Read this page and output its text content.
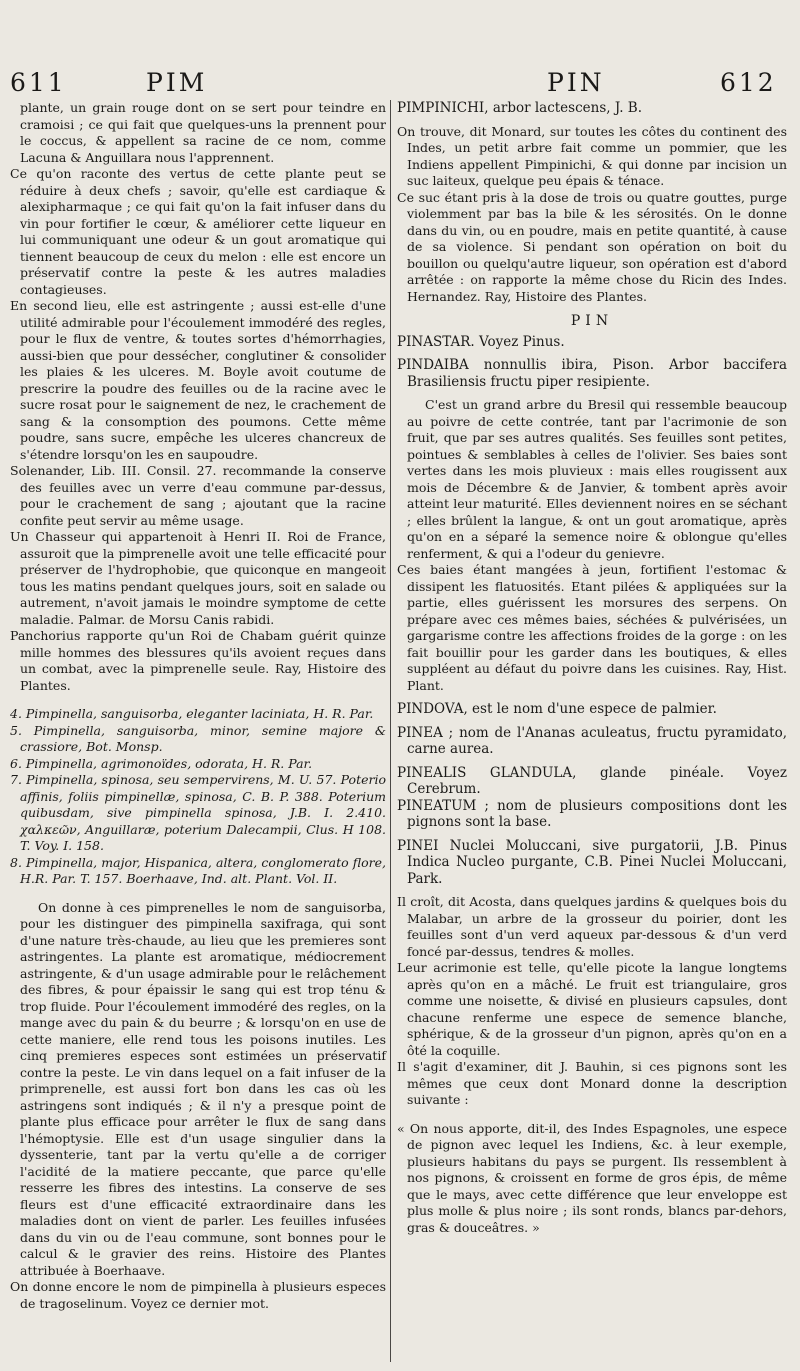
611	PIM	PIN	612

plante, un grain rouge dont on se sert pour teindre en cramoisi ; ce qui fait que quelques-uns la prennent pour le coccus, & appellent sa racine de ce nom, comme Lacuna & Anguillara nous l'apprennent.

Ce qu'on raconte des vertus de cette plante peut se réduire à deux chefs ; savoir, qu'elle est cardiaque & alexipharmaque ; ce qui fait qu'on la fait infuser dans du vin pour fortifier le cœur, & améliorer cette liqueur en lui communiquant une odeur & un gout aromatique qui tiennent beaucoup de ceux du melon : elle est encore un préservatif contre la peste & les autres maladies contagieuses.

En second lieu, elle est astringente ; aussi est-elle d'une utilité admirable pour l'écoulement immodéré des regles, pour le flux de ventre, & toutes sortes d'hémorrhagies, aussi-bien que pour dessécher, conglutiner & consolider les plaies & les ulceres. M. Boyle avoit coutume de prescrire la poudre des feuilles ou de la racine avec le sucre rosat pour le saignement de nez, le crachement de sang & la consomption des poumons. Cette même poudre, sans sucre, empêche les ulceres chancreux de s'étendre lorsqu'on les en saupoudre.

Solenander, Lib. III. Consil. 27. recommande la conserve des feuilles avec un verre d'eau commune par-dessus, pour le crachement de sang ; ajoutant que la racine confite peut servir au même usage.

Un Chasseur qui appartenoit à Henri II. Roi de France, assuroit que la pimprenelle avoit une telle efficacité pour préserver de l'hydrophobie, que quiconque en mangeoit tous les matins pendant quelques jours, soit en salade ou autrement, n'avoit jamais le moindre symptome de cette maladie. Palmar. de Morsu Canis rabidi.

Panchorius rapporte qu'un Roi de Chabam guérit quinze mille hommes des blessures qu'ils avoient reçues dans un combat, avec la pimprenelle seule. Ray, Histoire des Plantes.

4. Pimpinella, sanguisorba, eleganter laciniata, H. R. Par.

5. Pimpinella, sanguisorba, minor, semine majore & crassiore, Bot. Monsp.

6. Pimpinella, agrimonoïdes, odorata, H. R. Par.

7. Pimpinella, spinosa, seu sempervirens, M. U. 57. Poterio affinis, foliis pimpinellæ, spinosa, C. B. P. 388. Poterium quibusdam, sive pimpinella spinosa, J.B. I. 2.410. χαλκεῶν, Anguillaræ, poterium Dalecampii, Clus. H 108. T. Voy. I. 158.

8. Pimpinella, major, Hispanica, altera, conglomerato flore, H.R. Par. T. 157. Boerhaave, Ind. alt. Plant. Vol. II.

On donne à ces pimprenelles le nom de sanguisorba, pour les distinguer des pimpinella saxifraga, qui sont d'une nature très-chaude, au lieu que les premieres sont astringentes. La plante est aromatique, médiocrement astringente, & d'un usage admirable pour le relâchement des fibres, & pour épaissir le sang qui est trop ténu & trop fluide. Pour l'écoulement immodéré des regles, on la mange avec du pain & du beurre ; & lorsqu'on en use de cette maniere, elle rend tous les poisons inutiles. Les cinq premieres especes sont estimées un préservatif contre la peste. Le vin dans lequel on a fait infuser de la primprenelle, est aussi fort bon dans les cas où les astringens sont indiqués ; & il n'y a presque point de plante plus efficace pour arrêter le flux de sang dans l'hémoptysie. Elle est d'un usage singulier dans la dyssenterie, tant par la vertu qu'elle a de corriger l'acidité de la matiere peccante, que parce qu'elle resserre les fibres des intestins. La conserve de ses fleurs est d'une efficacité extraordinaire dans les maladies dont on vient de parler. Les feuilles infusées dans du vin ou de l'eau commune, sont bonnes pour le calcul & le gravier des reins. Histoire des Plantes attribuée à Boerhaave.

On donne encore le nom de pimpinella à plusieurs especes de tragoselinum. Voyez ce dernier mot.

PIMPINICHI, arbor lactescens, J. B.

On trouve, dit Monard, sur toutes les côtes du continent des Indes, un petit arbre fait comme un pommier, que les Indiens appellent Pimpinichi, & qui donne par incision un suc laiteux, quelque peu épais & ténace.

Ce suc étant pris à la dose de trois ou quatre gouttes, purge violemment par bas la bile & les sérosités. On le donne dans du vin, ou en poudre, mais en petite quantité, à cause de sa violence. Si pendant son opération on boit du bouillon ou quelqu'autre liqueur, son opération est d'abord arrêtée : on rapporte la même chose du Ricin des Indes. Hernandez. Ray, Histoire des Plantes.

PIN

PINASTAR. Voyez Pinus.

PINDAIBA nonnullis ibira, Pison. Arbor baccifera Brasiliensis fructu piper resipiente.

C'est un grand arbre du Bresil qui ressemble beaucoup au poivre de cette contrée, tant par l'acrimonie de son fruit, que par ses autres qualités. Ses feuilles sont petites, pointues & semblables à celles de l'olivier. Ses baies sont vertes dans les mois pluvieux : mais elles rougissent aux mois de Décembre & de Janvier, & tombent après avoir atteint leur maturité. Elles deviennent noires en se séchant ; elles brûlent la langue, & ont un gout aromatique, après qu'on en a séparé la semence noire & oblongue qu'elles renferment, & qui a l'odeur du genievre.

Ces baies étant mangées à jeun, fortifient l'estomac & dissipent les flatuosités. Etant pilées & appliquées sur la partie, elles guérissent les morsures des serpens. On prépare avec ces mêmes baies, séchées & pulvérisées, un gargarisme contre les affections froides de la gorge : on les fait bouillir pour les garder dans les boutiques, & elles suppléent au défaut du poivre dans les cuisines. Ray, Hist. Plant.

PINDOVA, est le nom d'une espece de palmier.

PINEA ; nom de l'Ananas aculeatus, fructu pyramidato, carne aurea.

PINEALIS GLANDULA, glande pinéale. Voyez Cerebrum.

PINEATUM ; nom de plusieurs compositions dont les pignons sont la base.

PINEI Nuclei Moluccani, sive purgatorii, J.B. Pinus Indica Nucleo purgante, C.B. Pinei Nuclei Moluccani, Park.

Il croît, dit Acosta, dans quelques jardins & quelques bois du Malabar, un arbre de la grosseur du poirier, dont les feuilles sont d'un verd aqueux par-dessous & d'un verd foncé par-dessus, tendres & molles.

Leur acrimonie est telle, qu'elle picote la langue longtems après qu'on en a mâché. Le fruit est triangulaire, gros comme une noisette, & divisé en plusieurs capsules, dont chacune renferme une espece de semence blanche, sphérique, & de la grosseur d'un pignon, après qu'on en a ôté la coquille.

Il s'agit d'examiner, dit J. Bauhin, si ces pignons sont les mêmes que ceux dont Monard donne la description suivante :

« On nous apporte, dit-il, des Indes Espagnoles, une espece de pignon avec lequel les Indiens, &c. à leur exemple, plusieurs habitans du pays se purgent. Ils ressemblent à nos pignons, & croissent en forme de gros épis, de même que le mays, avec cette différence que leur enveloppe est plus molle & plus noire ; ils sont ronds, blancs par-dehors, gras & douceâtres. »
